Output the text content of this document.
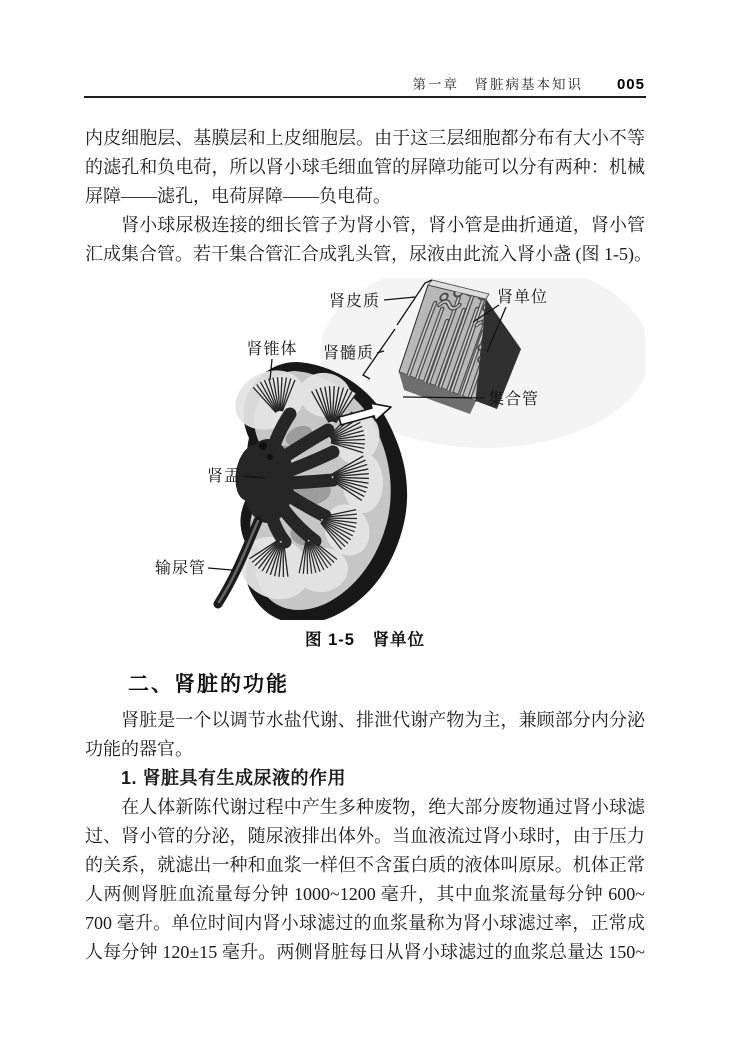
第一章　肾脏病基本知识 005
内皮细胞层、基膜层和上皮细胞层。由于这三层细胞都分布有大小不等
的滤孔和负电荷，所以肾小球毛细血管的屏障功能可以分有两种：机械
屏障——滤孔，电荷屏障——负电荷。
　　肾小球尿极连接的细长管子为肾小管，肾小管是曲折通道，肾小管
汇成集合管。若干集合管汇合成乳头管，尿液由此流入肾小盏 (图 1-5)。
肾皮质	肾单位
肾锥体 肾髓质
集合管
肾盂
输尿管
图 1-5　肾单位
二、肾脏的功能
　　肾脏是一个以调节水盐代谢、排泄代谢产物为主，兼顾部分内分泌
功能的器官。
1. 肾脏具有生成尿液的作用
　　在人体新陈代谢过程中产生多种废物，绝大部分废物通过肾小球滤
过、肾小管的分泌，随尿液排出体外。当血液流过肾小球时，由于压力
的关系，就滤出一种和血浆一样但不含蛋白质的液体叫原尿。机体正常
人两侧肾脏血流量每分钟 1000~1200 毫升，其中血浆流量每分钟 600~
700 毫升。单位时间内肾小球滤过的血浆量称为肾小球滤过率，正常成
人每分钟 120±15 毫升。两侧肾脏每日从肾小球滤过的血浆总量达 150~
